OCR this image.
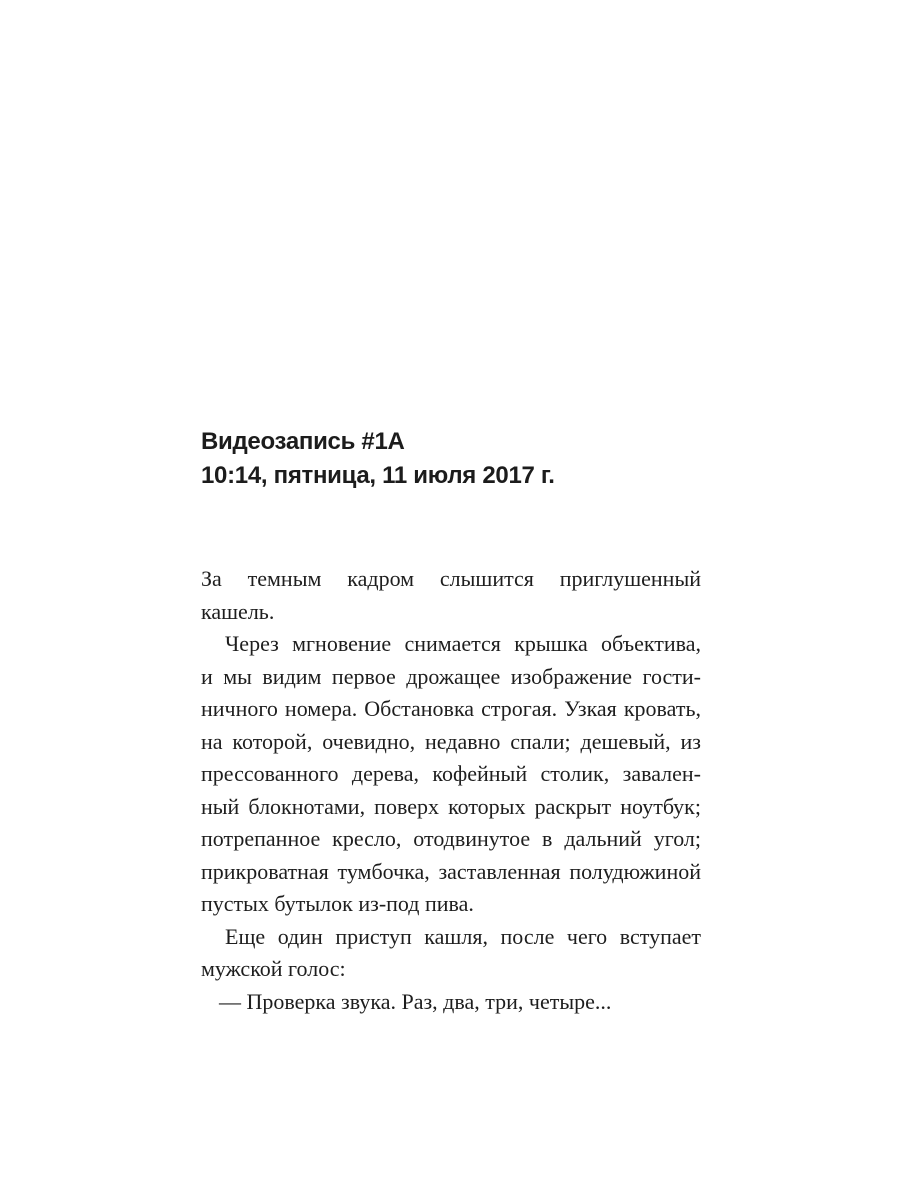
Видеозапись #1А
10:14, пятница, 11 июля 2017 г.
За темным кадром слышится приглушенный
кашель.
Через мгновение снимается крышка объектива,
и мы видим первое дрожащее изображение гости-
ничного номера. Обстановка строгая. Узкая кровать,
на которой, очевидно, недавно спали; дешевый, из
прессованного дерева, кофейный столик, завален-
ный блокнотами, поверх которых раскрыт ноутбук;
потрепанное кресло, отодвинутое в дальний угол;
прикроватная тумбочка, заставленная полудюжиной
пустых бутылок из-под пива.
Еще один приступ кашля, после чего вступает
мужской голос:
— Проверка звука. Раз, два, три, четыре...
